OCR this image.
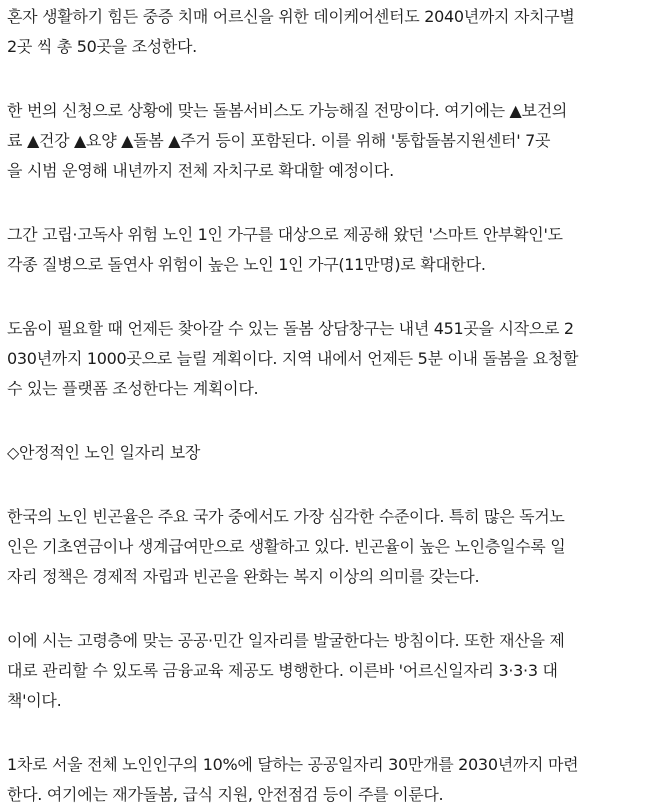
혼자 생활하기 힘든 중증 치매 어르신을 위한 데이케어센터도 2040년까지 자치구별
2곳 씩 총 50곳을 조성한다.
한 번의 신청으로 상황에 맞는 돌봄서비스도 가능해질 전망이다. 여기에는 ▲보건의
료 ▲건강 ▲요양 ▲돌봄 ▲주거 등이 포함된다. 이를 위해 '통합돌봄지원센터' 7곳
을 시범 운영해 내년까지 전체 자치구로 확대할 예정이다.
그간 고립·고독사 위험 노인 1인 가구를 대상으로 제공해 왔던 '스마트 안부확인'도
각종 질병으로 돌연사 위험이 높은 노인 1인 가구(11만명)로 확대한다.
도움이 필요할 때 언제든 찾아갈 수 있는 돌봄 상담창구는 내년 451곳을 시작으로 2
030년까지 1000곳으로 늘릴 계획이다. 지역 내에서 언제든 5분 이내 돌봄을 요청할
수 있는 플랫폼 조성한다는 계획이다.
◇안정적인 노인 일자리 보장
한국의 노인 빈곤율은 주요 국가 중에서도 가장 심각한 수준이다. 특히 많은 독거노
인은 기초연금이나 생계급여만으로 생활하고 있다. 빈곤율이 높은 노인층일수록 일
자리 정책은 경제적 자립과 빈곤을 완화는 복지 이상의 의미를 갖는다.
이에 시는 고령층에 맞는 공공·민간 일자리를 발굴한다는 방침이다. 또한 재산을 제
대로 관리할 수 있도록 금융교육 제공도 병행한다. 이른바 '어르신일자리 3·3·3 대
책'이다.
1차로 서울 전체 노인인구의 10%에 달하는 공공일자리 30만개를 2030년까지 마련
한다. 여기에는 재가돌봄, 급식 지원, 안전점검 등이 주를 이룬다.
